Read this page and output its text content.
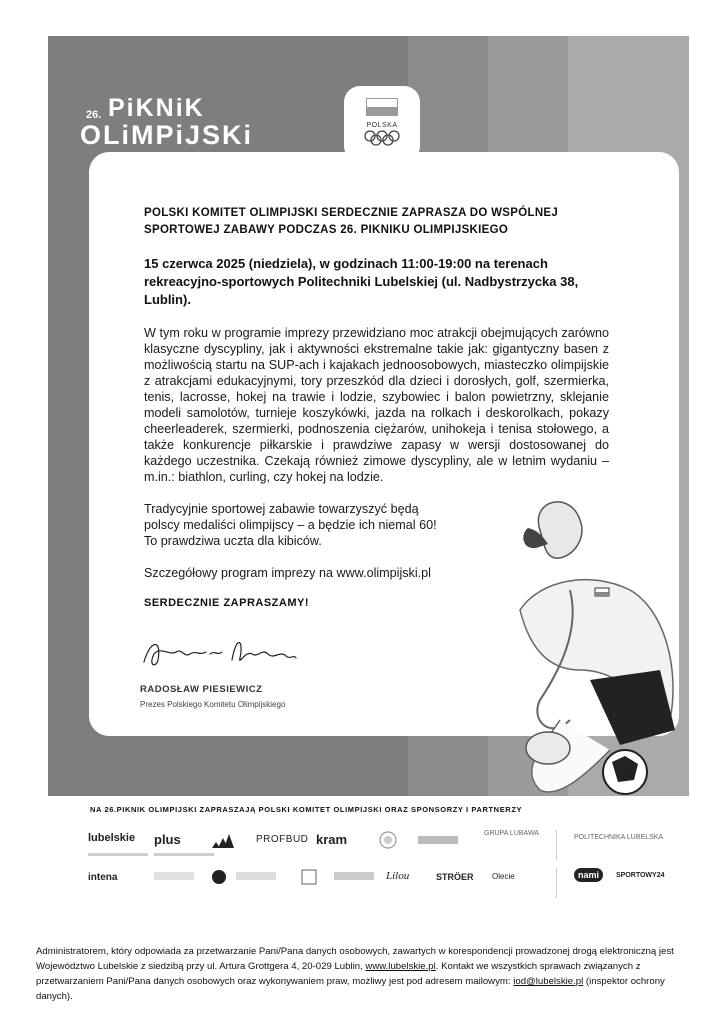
26. PiKNiK
OLiMPiJSKi	POLSKA

POLSKI KOMITET OLIMPIJSKI SERDECZNIE ZAPRASZA DO WSPÓLNEJ SPORTOWEJ ZABAWY PODCZAS 26. PIKNIKU OLIMPIJSKIEGO

15 czerwca 2025 (niedziela), w godzinach 11:00-19:00 na terenach rekreacyjno-sportowych Politechniki Lubelskiej (ul. Nadbystrzycka 38, Lublin).

W tym roku w programie imprezy przewidziano moc atrakcji obejmujących zarówno klasyczne dyscypliny, jak i aktywności ekstremalne takie jak: gigantyczny basen z możliwością startu na SUP-ach i kajakach jednoosobowych, miasteczko olimpijskie z atrakcjami edukacyjnymi, tory przeszkód dla dzieci i dorosłych, golf, szermierka, tenis, lacrosse, hokej na trawie i lodzie, szybowiec i balon powietrzny, sklejanie modeli samolotów, turnieje koszykówki, jazda na rolkach i deskorolkach, pokazy cheerleaderek, szermierki, podnoszenia ciężarów, unihokeja i tenisa stołowego, a także konkurencje piłkarskie i prawdziwe zapasy w wersji dostosowanej do każdego uczestnika. Czekają również zimowe dyscypliny, ale w letnim wydaniu – m.in.: biathlon, curling, czy hokej na lodzie.

Tradycyjnie sportowej zabawie towarzyszyć będą polscy medaliści olimpijscy – a będzie ich niemal 60! To prawdziwa uczta dla kibiców.

Szczegółowy program imprezy na www.olimpijski.pl

SERDECZNIE ZAPRASZAMY!

RADOSŁAW PIESIEWICZ
Prezes Polskiego Komitetu Olimpijskiego
NA 26.PIKNIK OLIMPIJSKI ZAPRASZAJĄ POLSKI KOMITET OLIMPIJSKI ORAZ SPONSORZY I PARTNERZY
lubelskie plus	PROFBUD kram	GRUPA LUBAWA
POLITECHNIKA LUBELSKA
intena	Lilou	STRÖER Olecie	nami	SPORTOWY24
Administratorem, który odpowiada za przetwarzanie Pani/Pana danych osobowych, zawartych w korespondencji prowadzonej drogą elektroniczną jest Województwo Lubelskie z siedzibą przy ul. Artura Grottgera 4, 20-029 Lublin, www.lubelskie.pl. Kontakt we wszystkich sprawach związanych z przetwarzaniem Pani/Pana danych osobowych oraz wykonywaniem praw, możliwy jest pod adresem mailowym: iod@lubelskie.pl (inspektor ochrony danych).
